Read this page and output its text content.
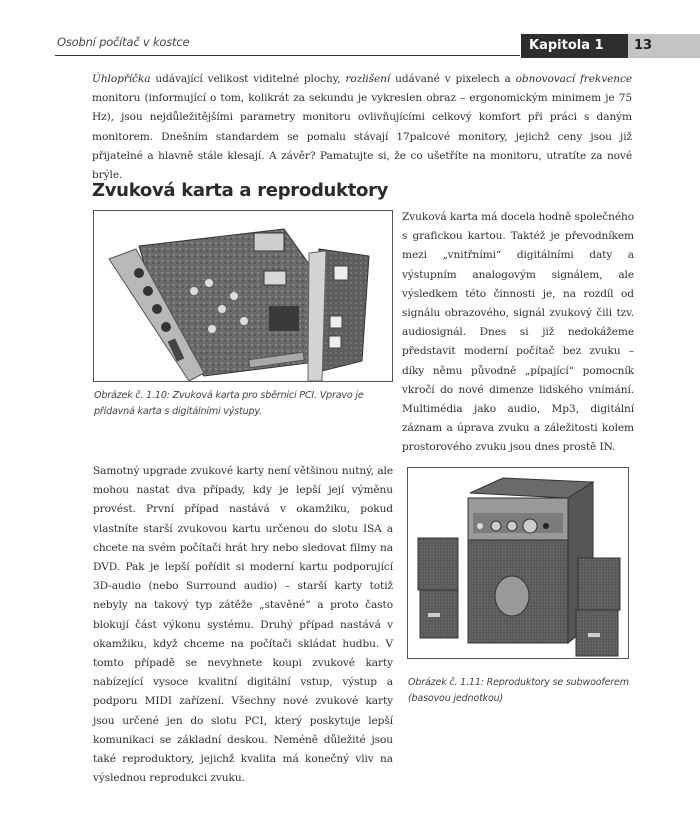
Osobní počítač v kostce	Kapitola 1	13

Úhlopříčka udávající velikost viditelné plochy, rozlišení udávané v pixelech a obnovovací frekvence monitoru (informující o tom, kolikrát za sekundu je vykreslen obraz – ergonomickým minimem je 75 Hz), jsou nejdůležitějšími parametry monitoru ovlivňujícími celkový komfort při práci s daným monitorem. Dnešním standardem se pomalu stávají 17palcové monitory, jejichž ceny jsou již přijatelné a hlavně stále klesají. A závěr? Pamatujte si, že co ušetříte na monitoru, utratíte za nové brýle.

Zvuková karta a reproduktory
Obrázek č. 1.10: Zvuková karta pro sběrnici PCI. Vpravo je přídavná karta s digitálními výstupy.

Zvuková karta má docela hodně společného s grafickou kartou. Taktéž je převodníkem mezi „vnitřními“ digitálními daty a výstupním analogovým signálem, ale výsledkem této činnosti je, na rozdíl od signálu obrazového, signál zvukový čili tzv. audiosignál. Dnes si již nedokážeme představit moderní počítač bez zvuku – díky němu původně „pípající“ pomocník vkročí do nové dimenze lidského vnímání. Multimédia jako audio, Mp3, digitální záznam a úprava zvuku a záležitosti kolem prostorového zvuku jsou dnes prostě IN.

Samotný upgrade zvukové karty není většinou nutný, ale mohou nastat dva případy, kdy je lepší její výměnu provést. První případ nastává v okamžiku, pokud vlastníte starší zvukovou kartu určenou do slotu ISA a chcete na svém počítači hrát hry nebo sledovat filmy na DVD. Pak je lepší pořídit si moderní kartu podporující 3D-audio (nebo Surround audio) – starší karty totiž nebyly na takový typ zátěže „stavěné“ a proto často blokují část výkonu systému. Druhý případ nastává v okamžiku, když chceme na počítači skládat hudbu. V tomto případě se nevyhnete koupi zvukové karty nabízející vysoce kvalitní digitální vstup, výstup a podporu MIDI zařízení. Všechny nové zvukové karty jsou určené jen do slotu PCI, který poskytuje lepší komunikaci se základní deskou. Neméně důležité jsou také reproduktory, jejichž kvalita má konečný vliv na výslednou reprodukci zvuku.

Obrázek č. 1.11: Reproduktory se subwooferem (basovou jednotkou)
